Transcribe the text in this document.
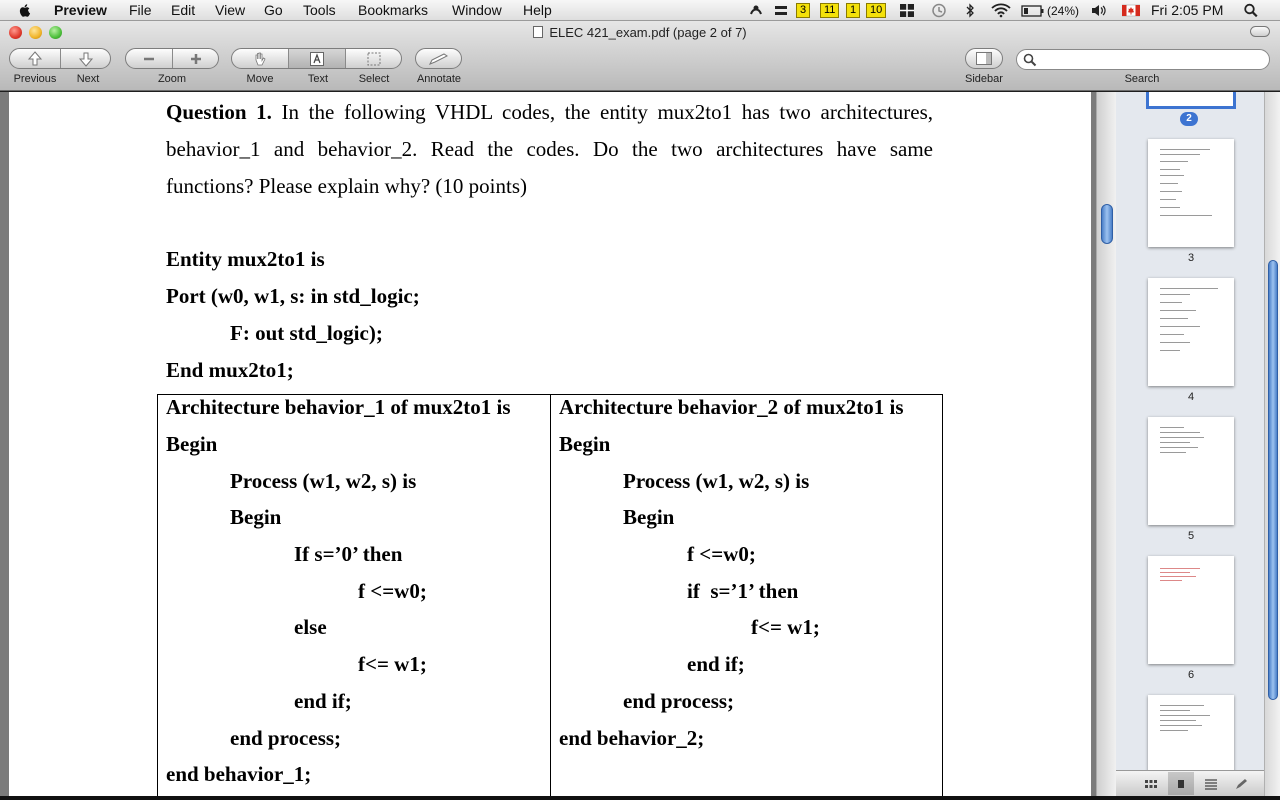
Preview File Edit View Go Tools Bookmarks Window Help	3	11	1	10	(24%)	Fri 2:05 PM
ELEC 421_exam.pdf (page 2 of 7)
Previous	Next	Zoom	Move	Text	Select	Annotate	Sidebar	Search
Question 1. In the following VHDL codes, the entity mux2to1 has two architectures,
behavior_1 and behavior_2. Read the codes. Do the two architectures have same
functions? Please explain why? (10 points)
Entity mux2to1 is
Port (w0, w1, s: in std_logic;
F: out std_logic);
End mux2to1;
Architecture behavior_1 of mux2to1 is
Begin
Process (w1, w2, s) is
Begin
If s=’0’ then
f <=w0;
else
f<= w1;
end if;
end process;
end behavior_1;
Architecture behavior_2 of mux2to1 is
Begin
Process (w1, w2, s) is
Begin
f <=w0;
if  s=’1’ then
f<= w1;
end if;
end process;
end behavior_2;
2
3
4
5
6
